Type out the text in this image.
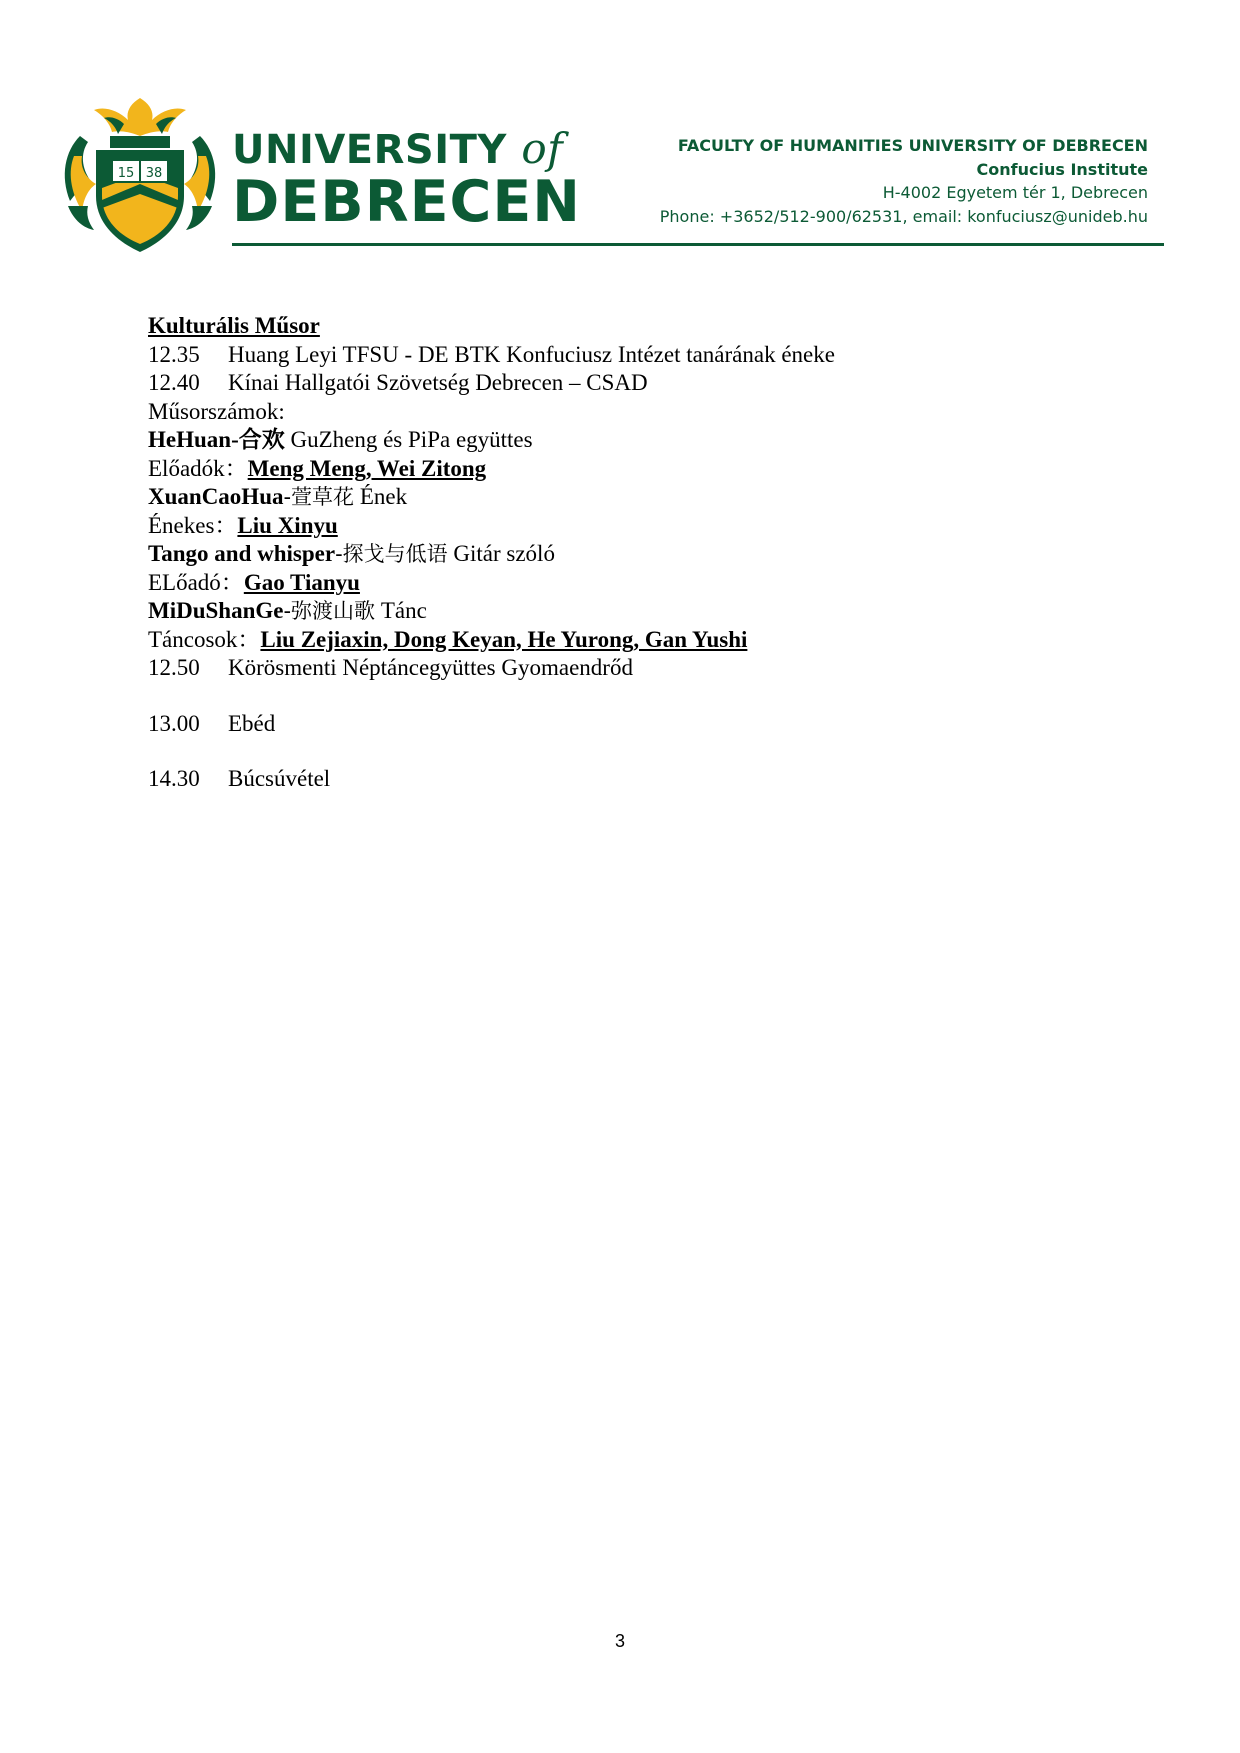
15 38
UNIVERSITY of
DEBRECEN
FACULTY OF HUMANITIES UNIVERSITY OF DEBRECEN
Confucius Institute
H-4002 Egyetem tér 1, Debrecen
Phone: +3652/512-900/62531, email: konfuciusz@unideb.hu
Kulturális Műsor
12.35 Huang Leyi TFSU - DE BTK Konfuciusz Intézet tanárának éneke
12.40 Kínai Hallgatói Szövetség Debrecen – CSAD
Műsorszámok:
HeHuan-合欢 GuZheng és PiPa együttes
Előadók：Meng Meng, Wei Zitong
XuanCaoHua-萱草花 Ének
Énekes：Liu Xinyu
Tango and whisper-探戈与低语 Gitár szóló
ELőadó：Gao Tianyu
MiDuShanGe-弥渡山歌 Tánc
Táncosok：Liu Zejiaxin, Dong Keyan, He Yurong, Gan Yushi
12.50 Körösmenti Néptáncegyüttes Gyomaendrőd
13.00 Ebéd
14.30 Búcsúvétel
3
